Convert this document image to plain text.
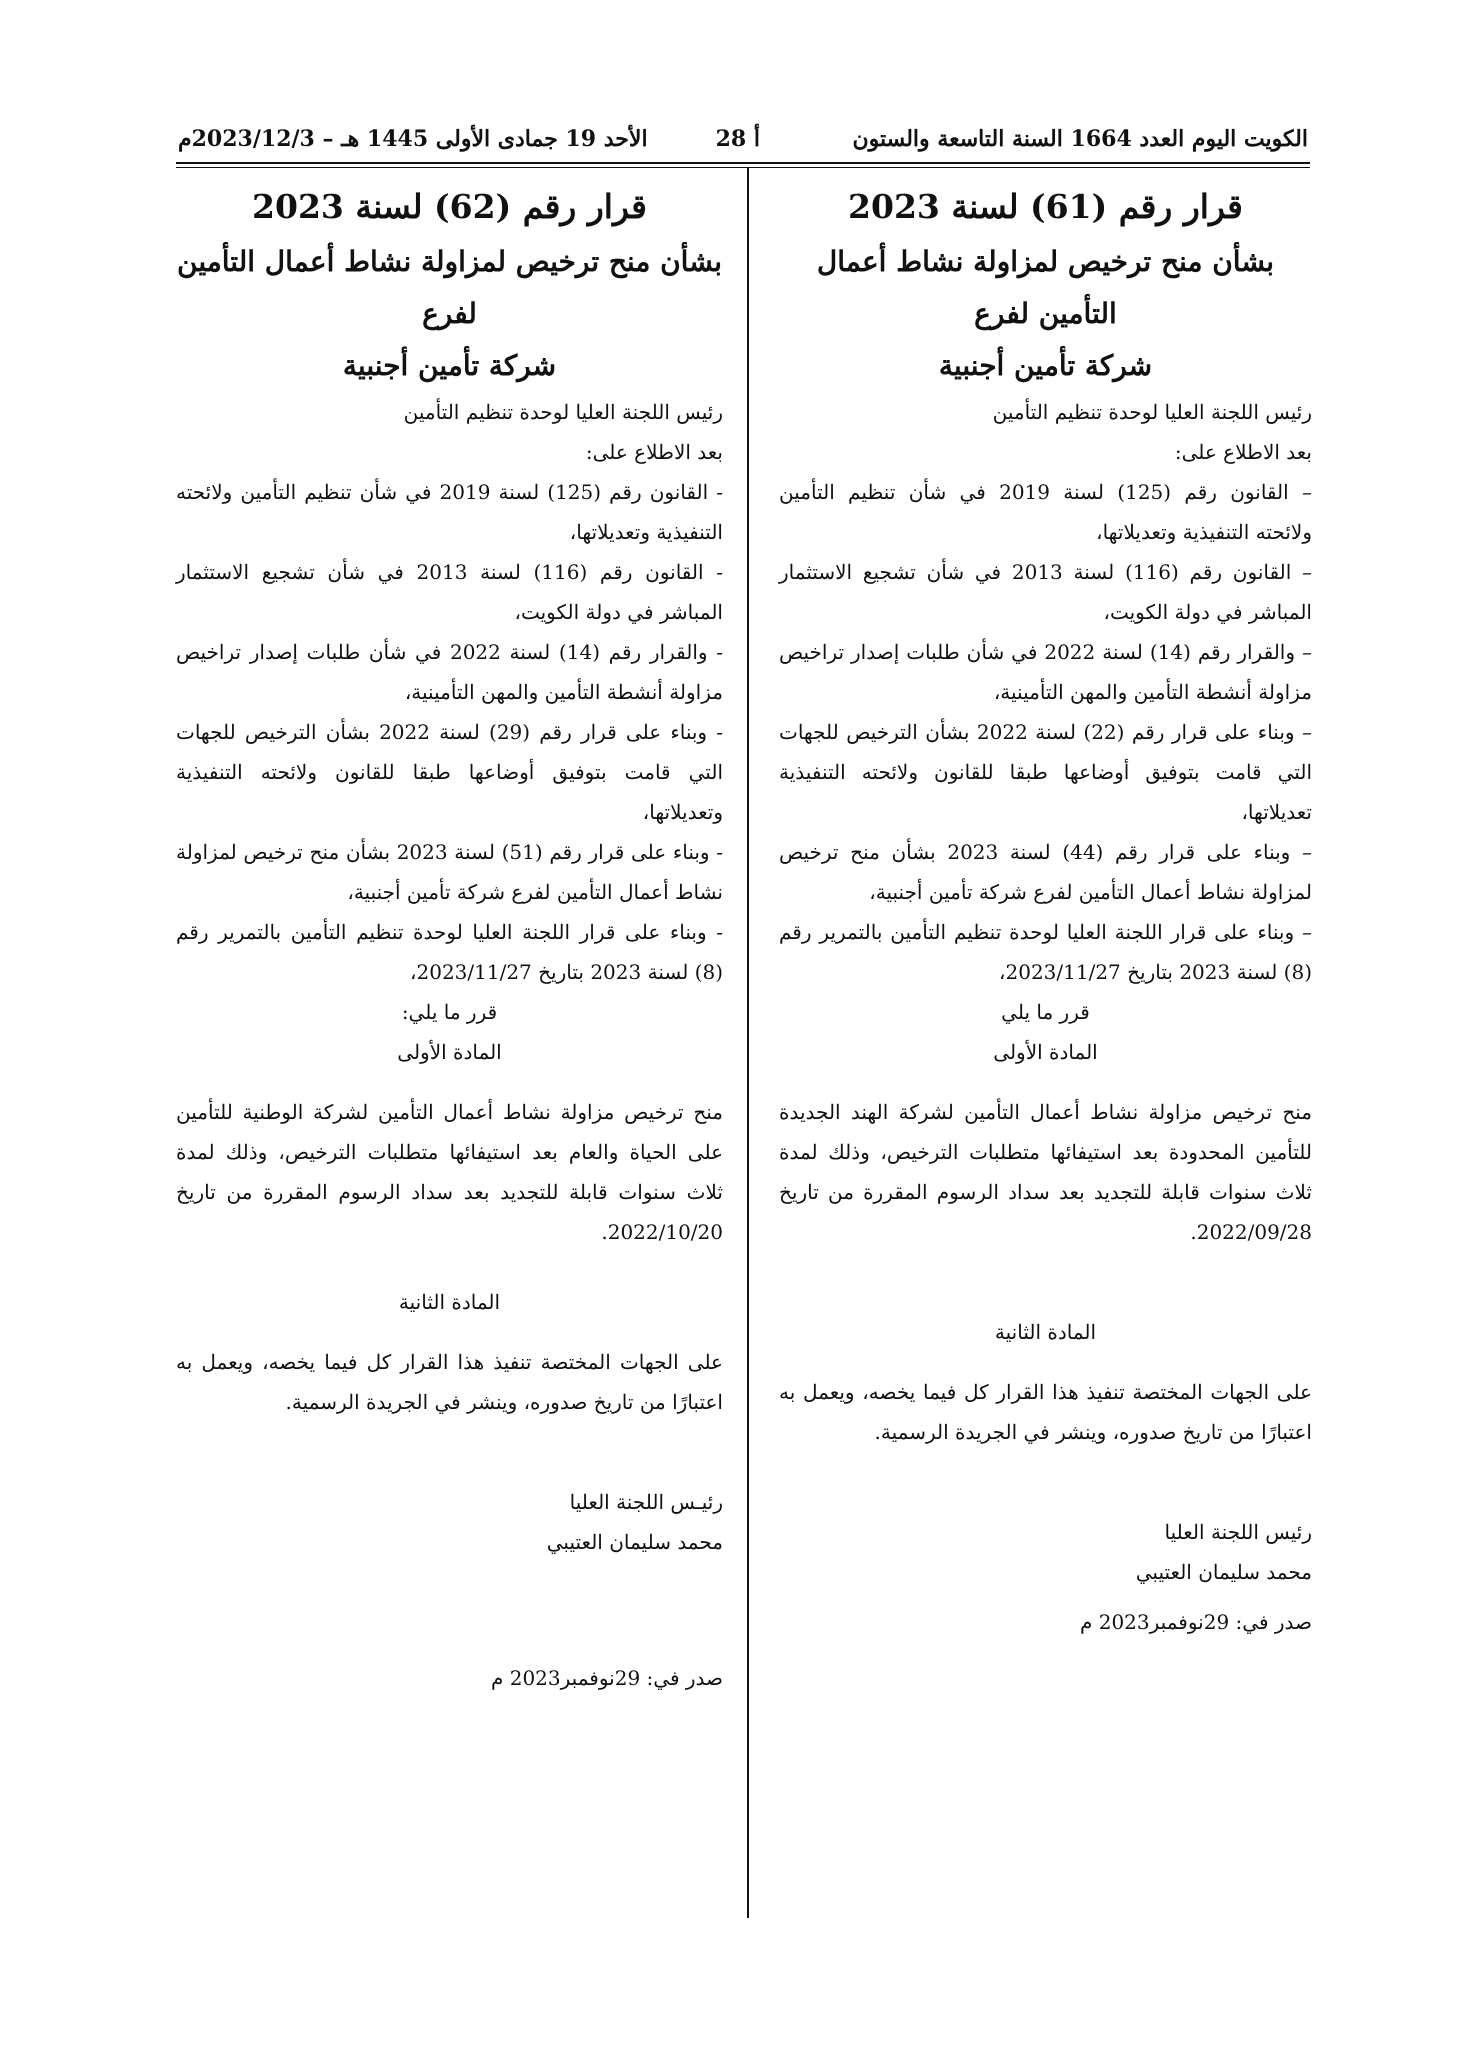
الكويت اليوم العدد 1664 السنة التاسعة والستون
أ 28
الأحد 19 جمادى الأولى 1445 هـ – 2023/12/3م
قرار رقم (61) لسنة 2023
بشأن منح ترخيص لمزاولة نشاط أعمال التأمين لفرع
شركة تأمين أجنبية

رئيس اللجنة العليا لوحدة تنظيم التأمين

بعد الاطلاع على:

– القانون رقم (125) لسنة 2019 في شأن تنظيم التأمين ولائحته التنفيذية وتعديلاتها،

– القانون رقم (116) لسنة 2013 في شأن تشجيع الاستثمار المباشر في دولة الكويت،

– والقرار رقم (14) لسنة 2022 في شأن طلبات إصدار تراخيص مزاولة أنشطة التأمين والمهن التأمينية،

– وبناء على قرار رقم (22) لسنة 2022 بشأن الترخيص للجهات التي قامت بتوفيق أوضاعها طبقا للقانون ولائحته التنفيذية تعديلاتها،

– وبناء على قرار رقم (44) لسنة 2023 بشأن منح ترخيص لمزاولة نشاط أعمال التأمين لفرع شركة تأمين أجنبية،

– وبناء على قرار اللجنة العليا لوحدة تنظيم التأمين بالتمرير رقم (8) لسنة 2023 بتاريخ 2023/11/27،

قرر ما يلي

المادة الأولى

منح ترخيص مزاولة نشاط أعمال التأمين لشركة الهند الجديدة للتأمين المحدودة بعد استيفائها متطلبات الترخيص، وذلك لمدة ثلاث سنوات قابلة للتجديد بعد سداد الرسوم المقررة من تاريخ 2022/09/28.

المادة الثانية

على الجهات المختصة تنفيذ هذا القرار كل فيما يخصه، ويعمل به اعتبارًا من تاريخ صدوره، وينشر في الجريدة الرسمية.

رئيس اللجنة العليا

محمد سليمان العتيبي

صدر في: 29نوفمبر2023 م

قرار رقم (62) لسنة 2023
بشأن منح ترخيص لمزاولة نشاط أعمال التأمين لفرع
شركة تأمين أجنبية

رئيس اللجنة العليا لوحدة تنظيم التأمين

بعد الاطلاع على:

- القانون رقم (125) لسنة 2019 في شأن تنظيم التأمين ولائحته التنفيذية وتعديلاتها،

- القانون رقم (116) لسنة 2013 في شأن تشجيع الاستثمار المباشر في دولة الكويت،

- والقرار رقم (14) لسنة 2022 في شأن طلبات إصدار تراخيص مزاولة أنشطة التأمين والمهن التأمينية،

- وبناء على قرار رقم (29) لسنة 2022 بشأن الترخيص للجهات التي قامت بتوفيق أوضاعها طبقا للقانون ولائحته التنفيذية وتعديلاتها،

- وبناء على قرار رقم (51) لسنة 2023 بشأن منح ترخيص لمزاولة نشاط أعمال التأمين لفرع شركة تأمين أجنبية،

- وبناء على قرار اللجنة العليا لوحدة تنظيم التأمين بالتمرير رقم (8) لسنة 2023 بتاريخ 2023/11/27،

قرر ما يلي:

المادة الأولى

منح ترخيص مزاولة نشاط أعمال التأمين لشركة الوطنية للتأمين على الحياة والعام بعد استيفائها متطلبات الترخيص، وذلك لمدة ثلاث سنوات قابلة للتجديد بعد سداد الرسوم المقررة من تاريخ 2022/10/20.

المادة الثانية

على الجهات المختصة تنفيذ هذا القرار كل فيما يخصه، ويعمل به اعتبارًا من تاريخ صدوره، وينشر في الجريدة الرسمية.

رئيـس اللجنة العليا

محمد سليمان العتيبي

صدر في: 29نوفمبر2023 م
